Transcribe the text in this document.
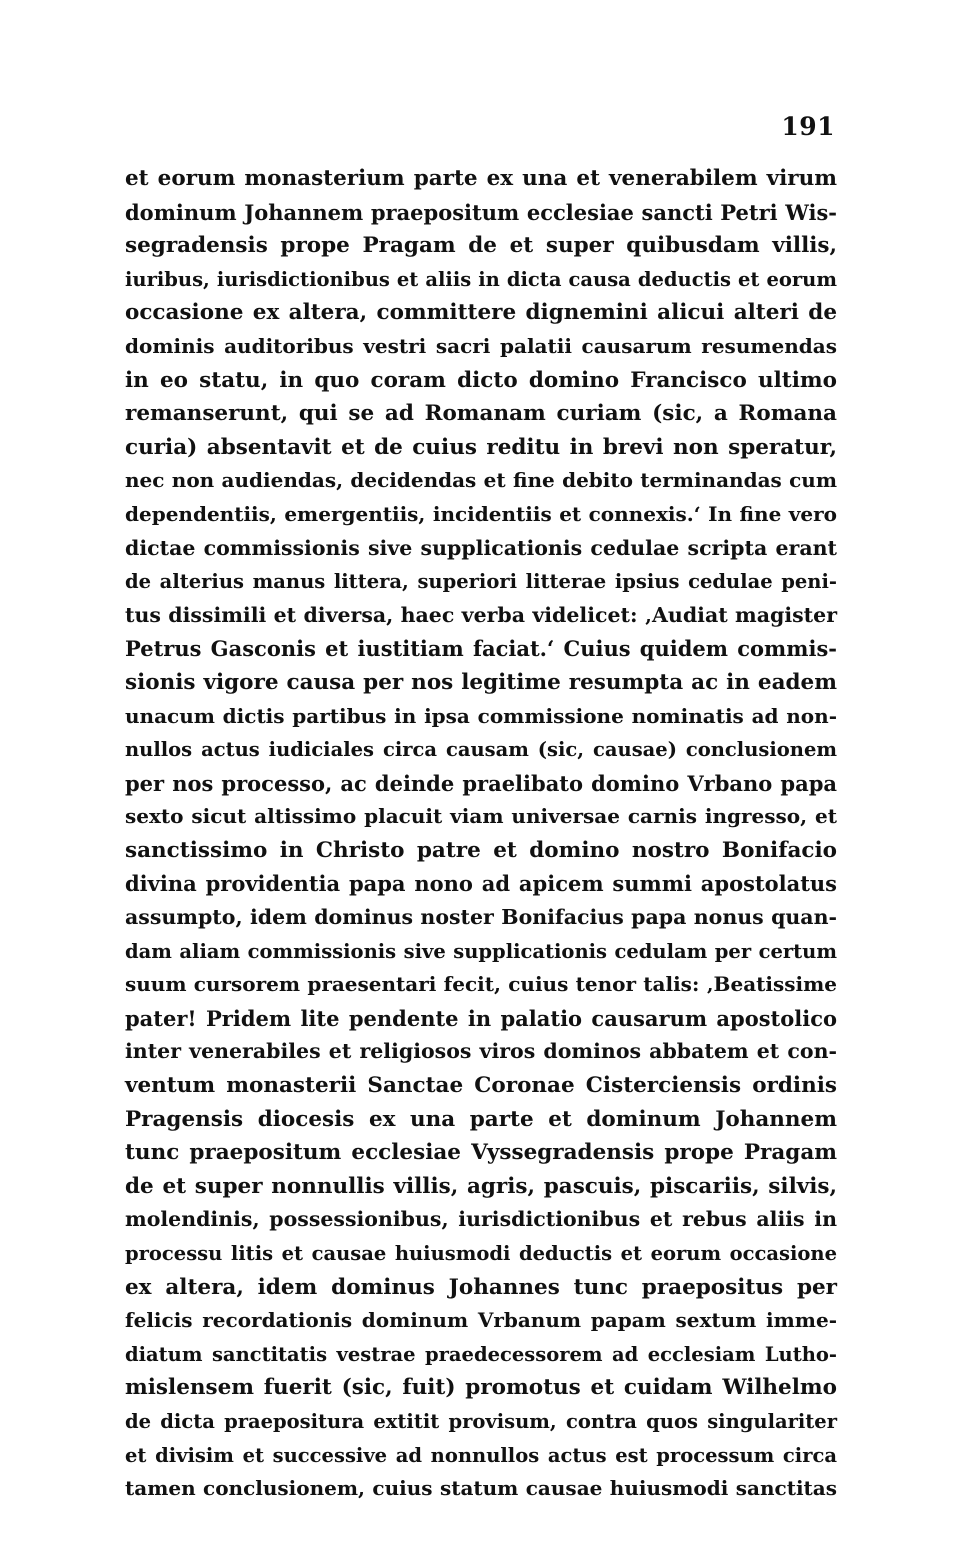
191
et eorum monasterium parte ex una et venerabilem virum
dominum Johannem praepositum ecclesiae sancti Petri Wis-
segradensis prope Pragam de et super quibusdam villis,
iuribus, iurisdictionibus et aliis in dicta causa deductis et eorum
occasione ex altera, committere dignemini alicui alteri de
dominis auditoribus vestri sacri palatii causarum resumendas
in eo statu, in quo coram dicto domino Francisco ultimo
remanserunt, qui se ad Romanam curiam (sic, a Romana
curia) absentavit et de cuius reditu in brevi non speratur,
nec non audiendas, decidendas et fine debito terminandas cum
dependentiis, emergentiis, incidentiis et connexis.‘ In fine vero
dictae commissionis sive supplicationis cedulae scripta erant
de alterius manus littera, superiori litterae ipsius cedulae peni-
tus dissimili et diversa, haec verba videlicet: ‚Audiat magister
Petrus Gasconis et iustitiam faciat.‘ Cuius quidem commis-
sionis vigore causa per nos legitime resumpta ac in eadem
unacum dictis partibus in ipsa commissione nominatis ad non-
nullos actus iudiciales circa causam (sic, causae) conclusionem
per nos processo, ac deinde praelibato domino Vrbano papa
sexto sicut altissimo placuit viam universae carnis ingresso, et
sanctissimo in Christo patre et domino nostro Bonifacio
divina providentia papa nono ad apicem summi apostolatus
assumpto, idem dominus noster Bonifacius papa nonus quan-
dam aliam commissionis sive supplicationis cedulam per certum
suum cursorem praesentari fecit, cuius tenor talis: ‚Beatissime
pater! Pridem lite pendente in palatio causarum apostolico
inter venerabiles et religiosos viros dominos abbatem et con-
ventum monasterii Sanctae Coronae Cisterciensis ordinis
Pragensis diocesis ex una parte et dominum Johannem
tunc praepositum ecclesiae Vyssegradensis prope Pragam
de et super nonnullis villis, agris, pascuis, piscariis, silvis,
molendinis, possessionibus, iurisdictionibus et rebus aliis in
processu litis et causae huiusmodi deductis et eorum occasione
ex altera, idem dominus Johannes tunc praepositus per
felicis recordationis dominum Vrbanum papam sextum imme-
diatum sanctitatis vestrae praedecessorem ad ecclesiam Lutho-
mislensem fuerit (sic, fuit) promotus et cuidam Wilhelmo
de dicta praepositura extitit provisum, contra quos singulariter
et divisim et successive ad nonnullos actus est processum circa
tamen conclusionem, cuius statum causae huiusmodi sanctitas
